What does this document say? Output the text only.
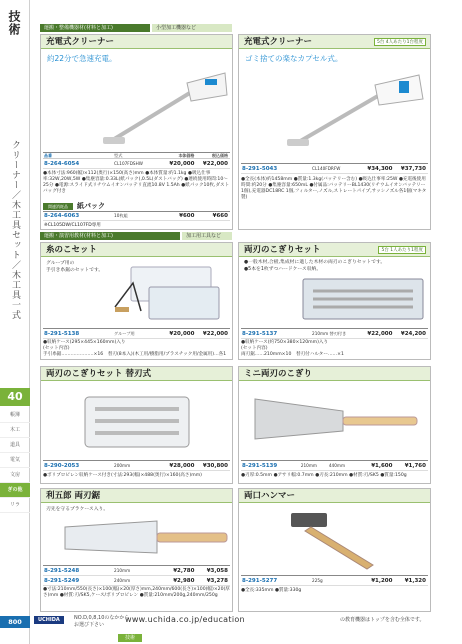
技術
クリーナー／木工具セット／木工具一式
40
帳簿
木工
道具
電気
文房
ぎの他
リラ
運搬・整備機器材(材料と加工)	小型加工機器など
運搬・演習用教材(材料と加工)	加工用工具など
充電式クリーナー
約22分で急速充電。
品番	型式	本体価格	税込価格
8-264-6054	CL107FDSHW	¥20,000	¥22,000
●本体寸法:960(幅)×112(奥行)×150(高さ)mm ●本体質量:約1.1kg ●吸込仕事率:32W,20W,5W ●集塵容量:0.33L(紙パック),0.5L(ダストバッグ) ●連続使用時間:10〜25分 ●電源:スライド式リチウムイオンバッテリ直流10.8V 1.5Ah ●紙パック10枚,ダストバッグ付き
関連消耗品	紙パック
8-264-6063	10枚組	¥600	¥660
※CL105DW/CL107FD専用
充電式クリーナー	5台 4人あたり1台程度
ゴミ捨ての楽なカプセル式。
8-291-5043	CL140FDRFW	¥34,300	¥37,730
●全長(本体)約1458mm ●質量:1.3kg(バッテリー含む) ●吸込仕事率:25W ●充電後使用時間:約20分 ●集塵容量:650mL ●付属品:バッテリーBL1430(リチウムイオンバッテリー1個),充電器DC18RC 1個,フィルター,ノズル,ストレートパイプ,サッシノズル各1個(マキタ製)
糸のこセット
グループ用の
手引き糸鋸のセットです。
8-291-5138	グループ用	¥20,000	¥22,000
●収納ケース(295×445×160mm)入り
(セット内容)
手引糸鋸…………………×16　替刃(8本入)(木工用/樹脂用/プラスチック用/金属用)…各1
両刃のこぎりセット	5台 1人あたり1程度
●一般木材,合板,集成材に適した木材の両刃のこぎりセットです。
●5本を1枚ずつハードケース収納。
8-291-5137	210mm 替刃付き	¥22,000	¥24,200
●収納ケース(約750×380×120mm)入り
(セット内容)
両刃鋸……210mm×10　替刃付ハルター……×1
両刃のこぎりセット 替刃式
8-290-2053	200mm	¥28,000	¥30,800
●ポリプロピレン収納ケース付き(寸法:293(幅)×488(奥行)×160(高さ)mm)
ミニ両刃のこぎり
8-291-5139	210mm	440mm	¥1,600	¥1,760
●刃厚:0.5mm ●アサリ幅:0.7mm ●刃長:210mm ●材質:刃/SK5 ●質量:150g
利五郎 両刃鋸
刃先を守るプラケース入り。
8-291-5248	210mm	¥2,780	¥3,058
8-291-5249	240mm	¥2,980	¥3,278
●寸法:210mm/550(長さ)×100(幅)×20(厚さ)mm,240mm/600(長さ)×100(幅)×20(厚さ)mm ●材質:刃/SK5,ケース/ポリプロピレン ●質量:210mm/200g,240mm/250g
両口ハンマー
8-291-5277	225g	¥1,200	¥1,320
●全長:335mm ●質量:330g
800	UCHIDA	NO.D,0,8,10のなかから
お選び下さい
www.uchida.co.jp/education	の教育機器はトップを含む全体です。
技術
